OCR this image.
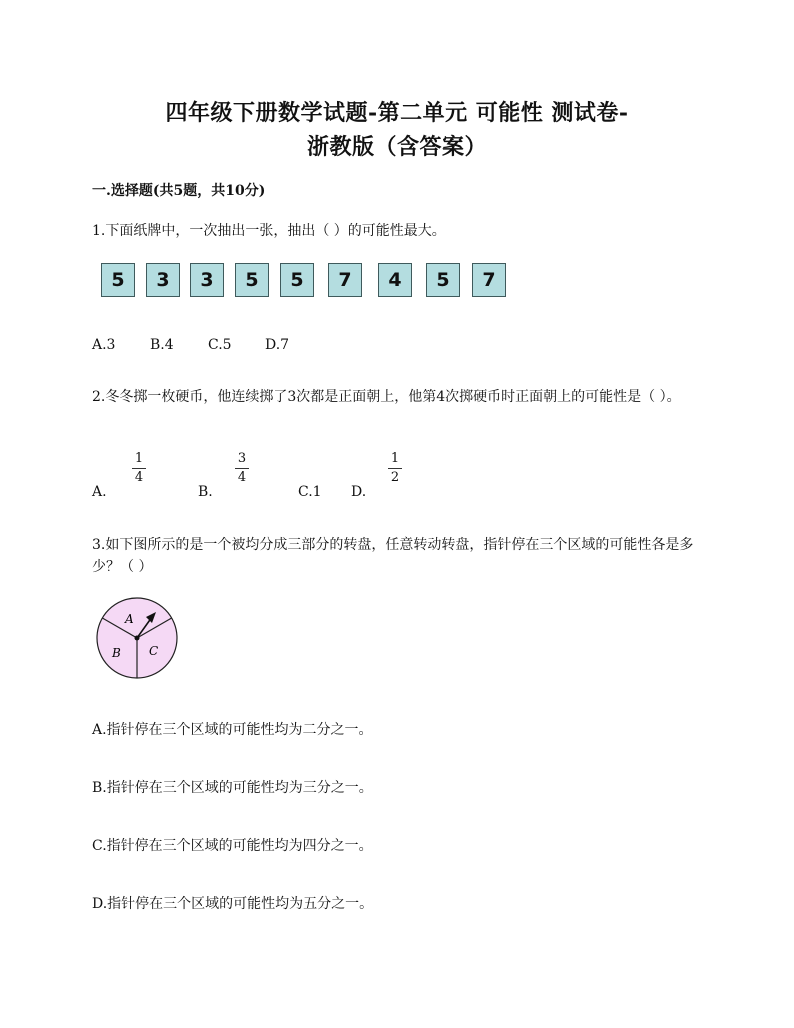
四年级下册数学试题-第二单元 可能性 测试卷-
浙教版（含答案）
一.选择题(共5题，共10分)
1.下面纸牌中，一次抽出一张，抽出（ ）的可能性最大。
5	3	3	5	5	7	4	5	7
A.3 B.4 C.5 D.7
2.冬冬掷一枚硬币，他连续掷了3次都是正面朝上，他第4次掷硬币时正面朝上的可能性是（ ）。
A.
1
4
B.
3
4
C.1 D.
1
2
3.如下图所示的是一个被均分成三部分的转盘，任意转动转盘，指针停在三个区域的可能性各是多少？（ ）
A
B C
A.指针停在三个区域的可能性均为二分之一。
B.指针停在三个区域的可能性均为三分之一。
C.指针停在三个区域的可能性均为四分之一。
D.指针停在三个区域的可能性均为五分之一。
